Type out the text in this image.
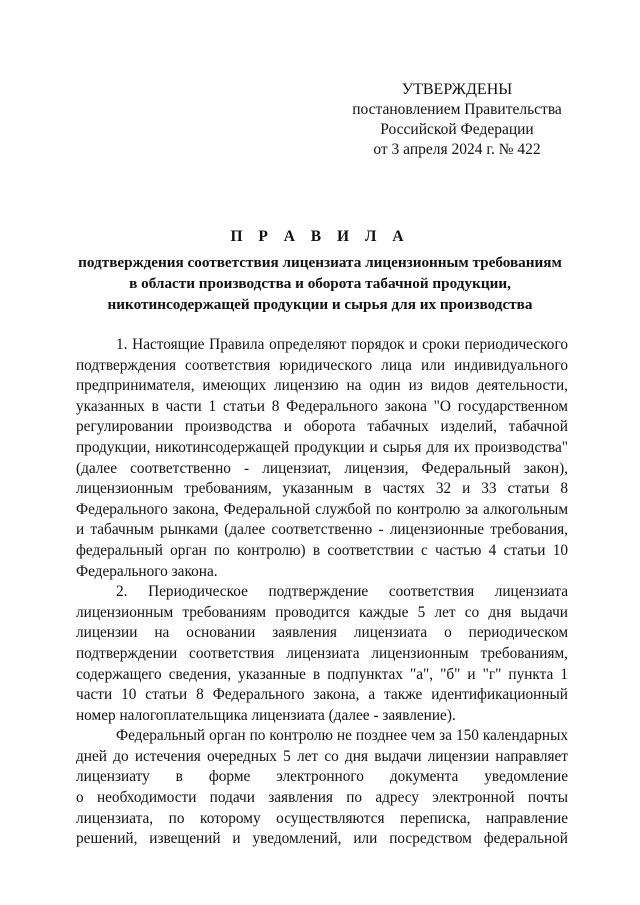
УТВЕРЖДЕНЫ
постановлением Правительства
Российской Федерации
от 3 апреля 2024 г. № 422
П Р А В И Л А
подтверждения соответствия лицензиата лицензионным требованиям
в области производства и оборота табачной продукции,
никотинсодержащей продукции и сырья для их производства
1. Настоящие Правила определяют порядок и сроки периодического
подтверждения соответствия юридического лица или индивидуального
предпринимателя, имеющих лицензию на один из видов деятельности,
указанных в части 1 статьи 8 Федерального закона "О государственном
регулировании производства и оборота табачных изделий, табачной
продукции, никотинсодержащей продукции и сырья для их производства"
(далее соответственно - лицензиат, лицензия, Федеральный закон),
лицензионным требованиям, указанным в частях 32 и 33 статьи 8
Федерального закона, Федеральной службой по контролю за алкогольным
и табачным рынками (далее соответственно - лицензионные требования,
федеральный орган по контролю) в соответствии с частью 4 статьи 10
Федерального закона.
2. Периодическое подтверждение соответствия лицензиата
лицензионным требованиям проводится каждые 5 лет со дня выдачи
лицензии на основании заявления лицензиата о периодическом
подтверждении соответствия лицензиата лицензионным требованиям,
содержащего сведения, указанные в подпунктах "а", "б" и "г" пункта 1
части 10 статьи 8 Федерального закона, а также идентификационный
номер налогоплательщика лицензиата (далее - заявление).
Федеральный орган по контролю не позднее чем за 150 календарных
дней до истечения очередных 5 лет со дня выдачи лицензии направляет
лицензиату в форме электронного документа уведомление
о необходимости подачи заявления по адресу электронной почты
лицензиата, по которому осуществляются переписка, направление
решений, извещений и уведомлений, или посредством федеральной
